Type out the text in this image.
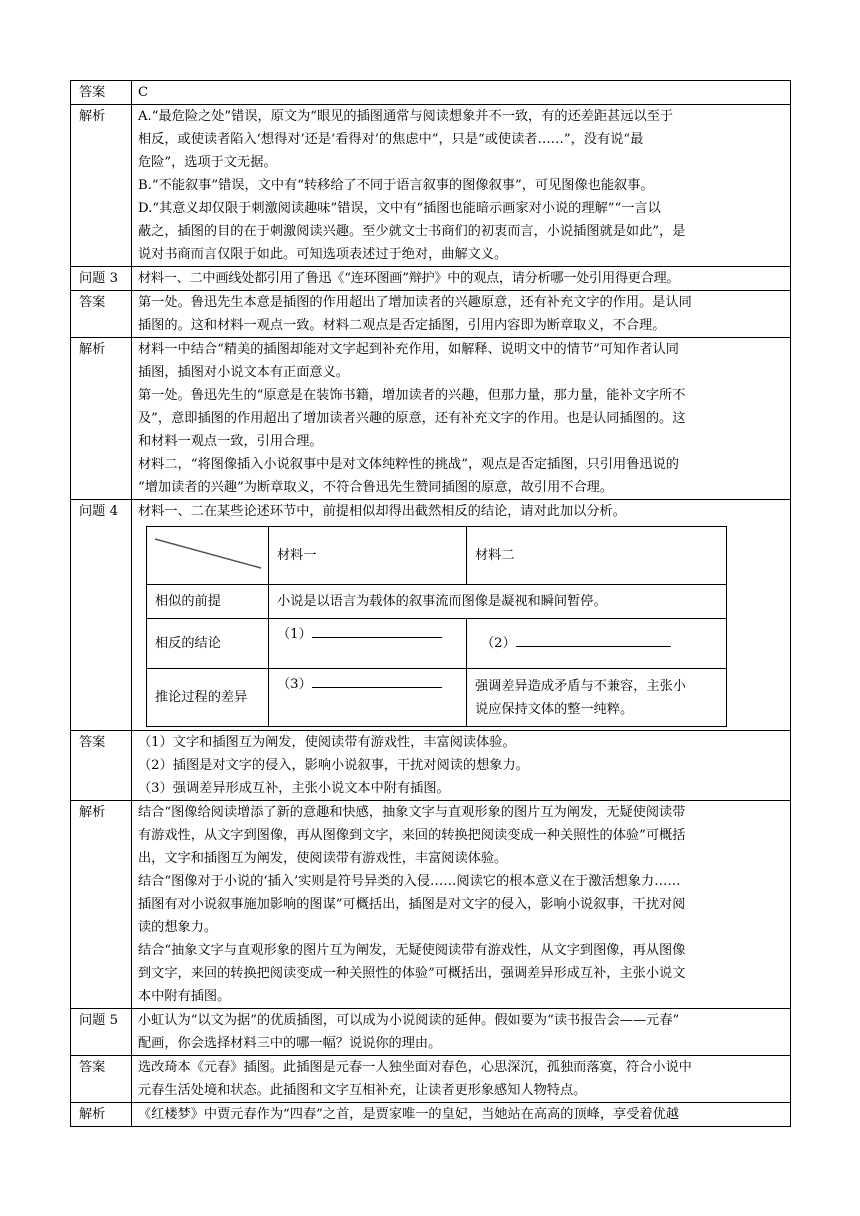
答案	C

解析	A.“最危险之处”错误，原文为“眼见的插图通常与阅读想象并不一致，有的还差距甚远以至于

相反，或使读者陷入‘想得对’还是‘看得对’的焦虑中”，只是“或使读者……”，没有说“最

危险”，选项于文无据。

B.“不能叙事”错误，文中有“转移给了不同于语言叙事的图像叙事”，可见图像也能叙事。

D.“其意义却仅限于刺激阅读趣味”错误，文中有“插图也能暗示画家对小说的理解”“一言以

蔽之，插图的目的在于刺激阅读兴趣。至少就文士书商们的初衷而言，小说插图就是如此”，是

说对书商而言仅限于如此。可知选项表述过于绝对，曲解文义。

问题 3	材料一、二中画线处都引用了鲁迅《“连环图画”辩护》中的观点，请分析哪一处引用得更合理。

答案	第一处。鲁迅先生本意是插图的作用超出了增加读者的兴趣原意，还有补充文字的作用。是认同

插图的。这和材料一观点一致。材料二观点是否定插图，引用内容即为断章取义，不合理。

解析	材料一中结合“精美的插图却能对文字起到补充作用，如解释、说明文中的情节”可知作者认同

插图，插图对小说文本有正面意义。

第一处。鲁迅先生的“原意是在装饰书籍，增加读者的兴趣，但那力量，那力量，能补文字所不

及”，意即插图的作用超出了增加读者兴趣的原意，还有补充文字的作用。也是认同插图的。这

和材料一观点一致，引用合理。

材料二，“将图像插入小说叙事中是对文体纯粹性的挑战”，观点是否定插图，只引用鲁迅说的

“增加读者的兴趣”为断章取义，不符合鲁迅先生赞同插图的原意，故引用不合理。

问题 4	材料一、二在某些论述环节中，前提相似却得出截然相反的结论，请对此加以分析。

	材料一	材料二
相似的前提	小说是以语言为载体的叙事流而图像是凝视和瞬间暂停。
相反的结论	（1）	（2）
推论过程的差异	（3）	强调差异造成矛盾与不兼容，主张小

说应保持文体的整一纯粹。

答案	（1）文字和插图互为阐发，使阅读带有游戏性，丰富阅读体验。

（2）插图是对文字的侵入，影响小说叙事，干扰对阅读的想象力。

（3）强调差异形成互补，主张小说文本中附有插图。

解析	结合“图像给阅读增添了新的意趣和快感，抽象文字与直观形象的图片互为阐发，无疑使阅读带

有游戏性，从文字到图像，再从图像到文字，来回的转换把阅读变成一种关照性的体验”可概括

出，文字和插图互为阐发，使阅读带有游戏性，丰富阅读体验。

结合“图像对于小说的‘插入’实则是符号异类的入侵……阅读它的根本意义在于激活想象力……

插图有对小说叙事施加影响的图谋”可概括出，插图是对文字的侵入，影响小说叙事，干扰对阅

读的想象力。

结合“抽象文字与直观形象的图片互为阐发，无疑使阅读带有游戏性，从文字到图像，再从图像

到文字，来回的转换把阅读变成一种关照性的体验”可概括出，强调差异形成互补，主张小说文

本中附有插图。

问题 5	小虹认为“以文为据”的优质插图，可以成为小说阅读的延伸。假如要为“读书报告会——元春”

配画，你会选择材料三中的哪一幅？说说你的理由。

答案	选改琦本《元春》插图。此插图是元春一人独坐面对春色，心思深沉，孤独而落寞，符合小说中

元春生活处境和状态。此插图和文字互相补充，让读者更形象感知人物特点。

解析	《红楼梦》中贾元春作为“四春”之首，是贾家唯一的皇妃，当她站在高高的顶峰，享受着优越
